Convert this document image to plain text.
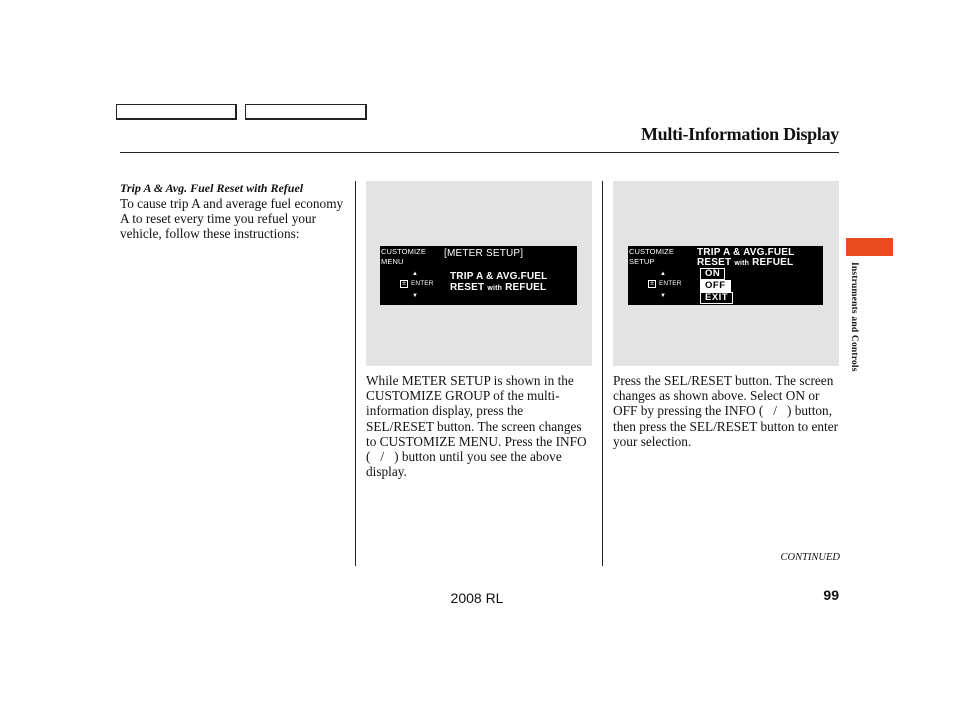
Multi-Information Display
Trip A & Avg. Fuel Reset with Refuel
To cause trip A and average fuel economy A to reset every time you refuel your vehicle, follow these instructions:
CUSTOMIZE
MENU
▲
± ENTER
▼
[METER SETUP]
TRIP A & AVG.FUEL
RESET with REFUEL
CUSTOMIZE
SETUP
▲
± ENTER
▼
TRIP A & AVG.FUEL
RESET with REFUEL
ON
OFF
EXIT
While METER SETUP is shown in the CUSTOMIZE GROUP of the multi-information display, press the SEL/RESET button. The screen changes to CUSTOMIZE MENU. Press the INFO (   /   ) button until you see the above display.
Press the SEL/RESET button. The screen changes as shown above. Select ON or OFF by pressing the INFO (   /   ) button, then press the SEL/RESET button to enter your selection.
Instruments and Controls
CONTINUED
2008 RL	99
